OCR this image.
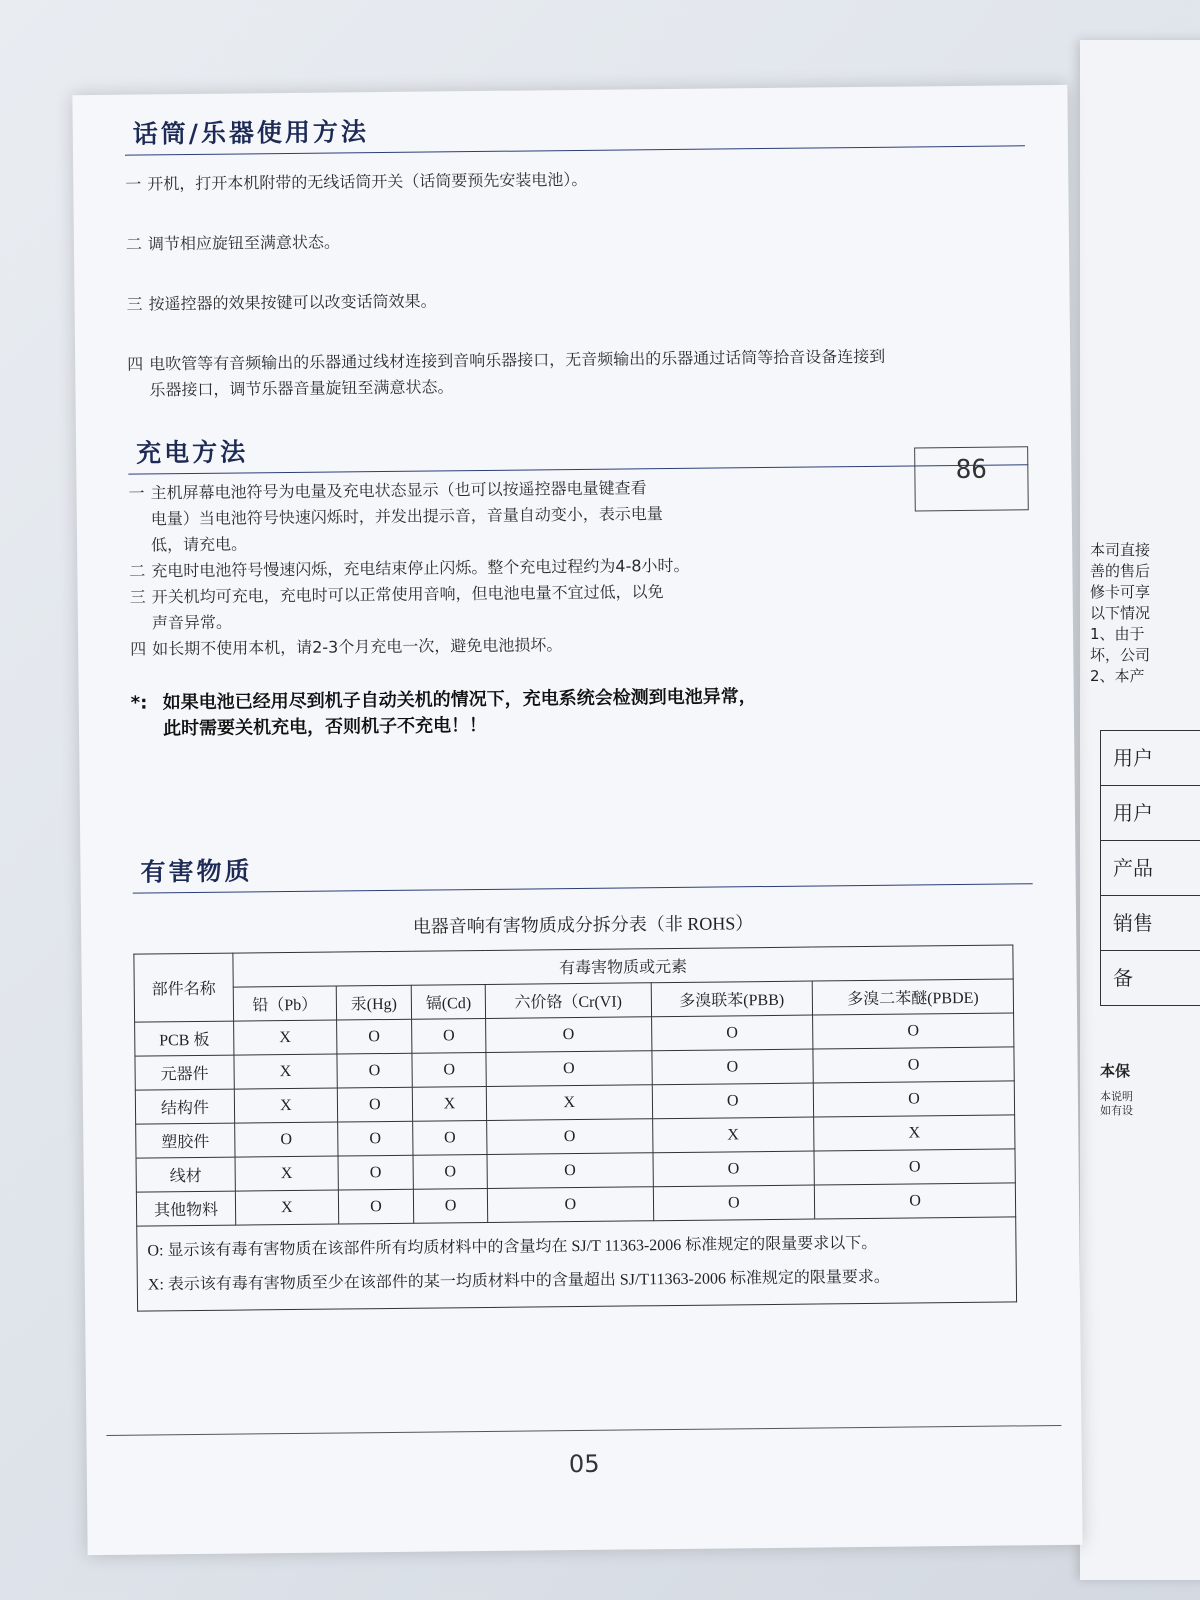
本司直接
善的售后
修卡可享
以下情况
1、由于
坏，公司
2、本产
用户
用户
产品
销售
备
本保
本说明
如有设
话筒/乐器使用方法

一 开机，打开本机附带的无线话筒开关（话筒要预先安装电池）。

二 调节相应旋钮至满意状态。

三 按遥控器的效果按键可以改变话筒效果。

四 电吹管等有音频输出的乐器通过线材连接到音响乐器接口，无音频输出的乐器通过话筒等拾音设备连接到
乐器接口，调节乐器音量旋钮至满意状态。

充电方法
86

一 主机屏幕电池符号为电量及充电状态显示（也可以按遥控器电量键查看
电量）当电池符号快速闪烁时，并发出提示音，音量自动变小，表示电量
低，请充电。

二 充电时电池符号慢速闪烁，充电结束停止闪烁。整个充电过程约为4-8小时。

三 开关机均可充电，充电时可以正常使用音响，但电池电量不宜过低，以免
声音异常。

四 如长期不使用本机，请2-3个月充电一次，避免电池损坏。

*: 如果电池已经用尽到机子自动关机的情况下，充电系统会检测到电池异常，
此时需要关机充电，否则机子不充电！！

有害物质
电器音响有害物质成分拆分表（非 ROHS）
部件名称	有毒害物质或元素					
	铅（Pb）	汞(Hg)	镉(Cd)	六价铬（Cr(VI)	多溴联苯(PBB)	多溴二苯醚(PBDE)
PCB 板	X	O	O	O	O	O
元器件	X	O	O	O	O	O
结构件	X	O	X	X	O	O
塑胶件	O	O	O	O	X	X
线材	X	O	O	O	O	O
其他物料	X	O	O	O	O	O

O: 显示该有毒有害物质在该部件所有均质材料中的含量均在 SJ/T 11363-2006 标准规定的限量要求以下。
X: 表示该有毒有害物质至少在该部件的某一均质材料中的含量超出 SJ/T11363-2006 标准规定的限量要求。						
05
